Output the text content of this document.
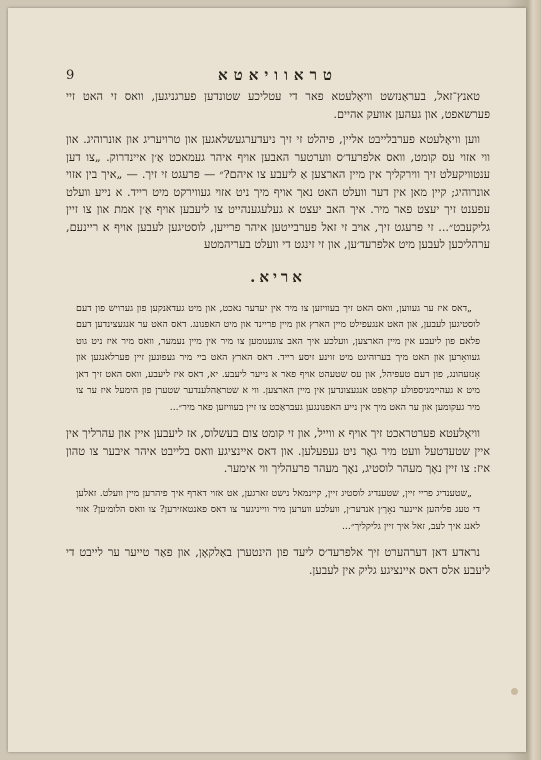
9	טראוויאטא

טאנץ־זאל, בעראַנזשט וויאָלעטא פאר די עטליכע שטונדען פערגניגען, וואס זי האט זיי פערשאפט, און געהען אוועק אהיים.

ווען וויאָלעטא פערבלייבט אליין, פיהלט זי זיך ניעדערגעשלאגען און טרויעריג און אונרוהיג. און ווי אזוי עס קומט, וואס אלפרעד׳ס ווערטער האבען אויף איהר געמאכט אַ׳ן איינדרוק. „צו דען ענטוויקעלט זיך ווירקליך אין מיין הארצען אַ ליעבע צו איהם?״ — פרעגט זי זיך. — „איך בין אזוי אונרוהיג; קיין מאן אין דער וועלט האט נאך אויף מיך ניט אזוי געווירקט מיט רייד. א נייע וועלט עפענט זיך יעצט פאר מיר. איך האב יעצט א געלעגענהייט צו ליעבען אויף אַ׳ן אמת און צו זיין גליקעבט״... זי פרעגט זיך, אויב זי זאל פערבייטען איהר פרייען, לוסטיגען לעבען אויף א ריינעם, ערהליכען לעבען מיט אלפרעד׳ען, און זי זינגט די וועלט בעריהמטע

אריא.

„דאס איז ער געווען, וואס האט זיך בעוויזען צו מיר אין יעדער נאכט, און מיט געדאנקען פון גערויש פון דעם לוסטיגען לעבען, און האט אנגעפילט מיין הארץ און מיין פריינד און מיט האפנונג. דאס האט ער אנגעצינדען דעם פלאם פון ליעבע אין מיין הארצען, וועלכע איך האב צוגענומען צו מיר אין מיין נעמער, וואס מיר איז ניט גוט געוואָרען און האט מיך בערוהיגט מיט זוינע זיסע רייד. דאס הארץ האט ביי מיר געפונען זיין פערלאנגען און אָנזעהונג, פון דעם טעפיהל, און עס שטעהט אויף פאר א נייער ליעבע. יא, דאס איז ליעבע, וואס האט זיך דאן מיט א געהיימניספולע קראַפט אנגעצונדען אין מיין הארצען. ווי א שטראַהלענדער שטערן פון הימעל איז ער צו מיר געקומען און ער האט מיך אין נייע האפנונגען געבראַכט צו זיין בעוויזען פאר מיר״...

וויאָלעטא פערטראכט זיך אויף א ווייל, און זי קומט צום בעשלוס, אז ליעבען איין און עהרליך אין איין שטעדטעל וועט מיר גאָר ניט געפעלען. און דאס איינציגע וואס בלייבט איהר איבער צו טהון איז: צו זיין נאָך מעהר לוסטיג, נאָך מעהר פרעהליך ווי אימער.

„שטענדיג פריי זיין, שטענדיג לוסטיג זיין, קיינמאל נישט זארגען, אט אזוי דארף איך פיהרען מיין וועלט. זאלען די טעג פליהען איינער נאָך׳ן אנדער׳ן, וועלכע ווערען מיר ווייניגער צו דאס פאנטאזירען? צו וואס הלומ׳ען? אזוי לאנג איך לעב, זאל איך זיין גליקליך״...

נראדע דאן דערהערט זיך אלפרעד׳ס ליעד פון הינטערן באַלקאָן, און פאַר טייער ער לייבט די ליעבע אלס דאס איינציגע גליק אין לעבען.
